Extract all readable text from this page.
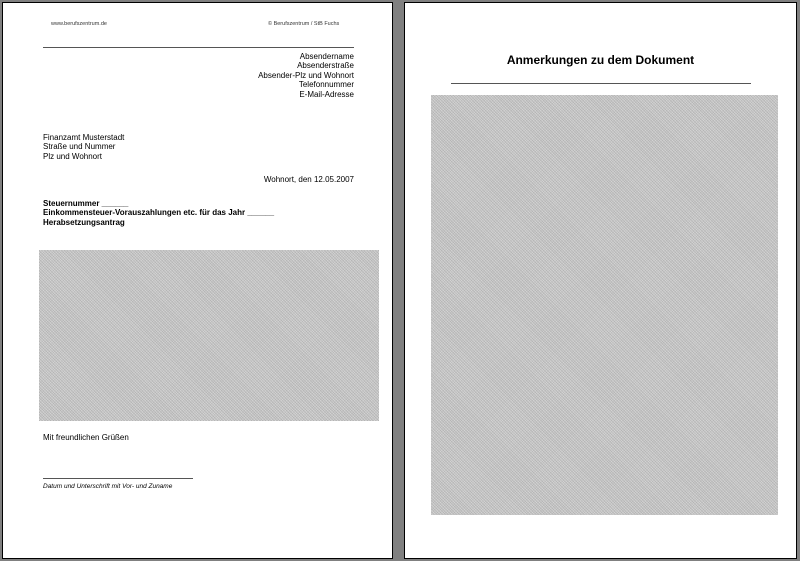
www.berufszentrum.de	© Berufszentrum / StB Fuchs
Absendername
Absenderstraße
Absender-Plz und Wohnort
Telefonnummer
E-Mail-Adresse
Finanzamt Musterstadt
Straße und Nummer
Plz und Wohnort
Wohnort, den 12.05.2007
Steuernummer ______
Einkommensteuer-Vorauszahlungen etc. für das Jahr ______
Herabsetzungsantrag
Mit freundlichen Grüßen
Datum und Unterschrift mit Vor- und Zuname
Anmerkungen zu dem Dokument
